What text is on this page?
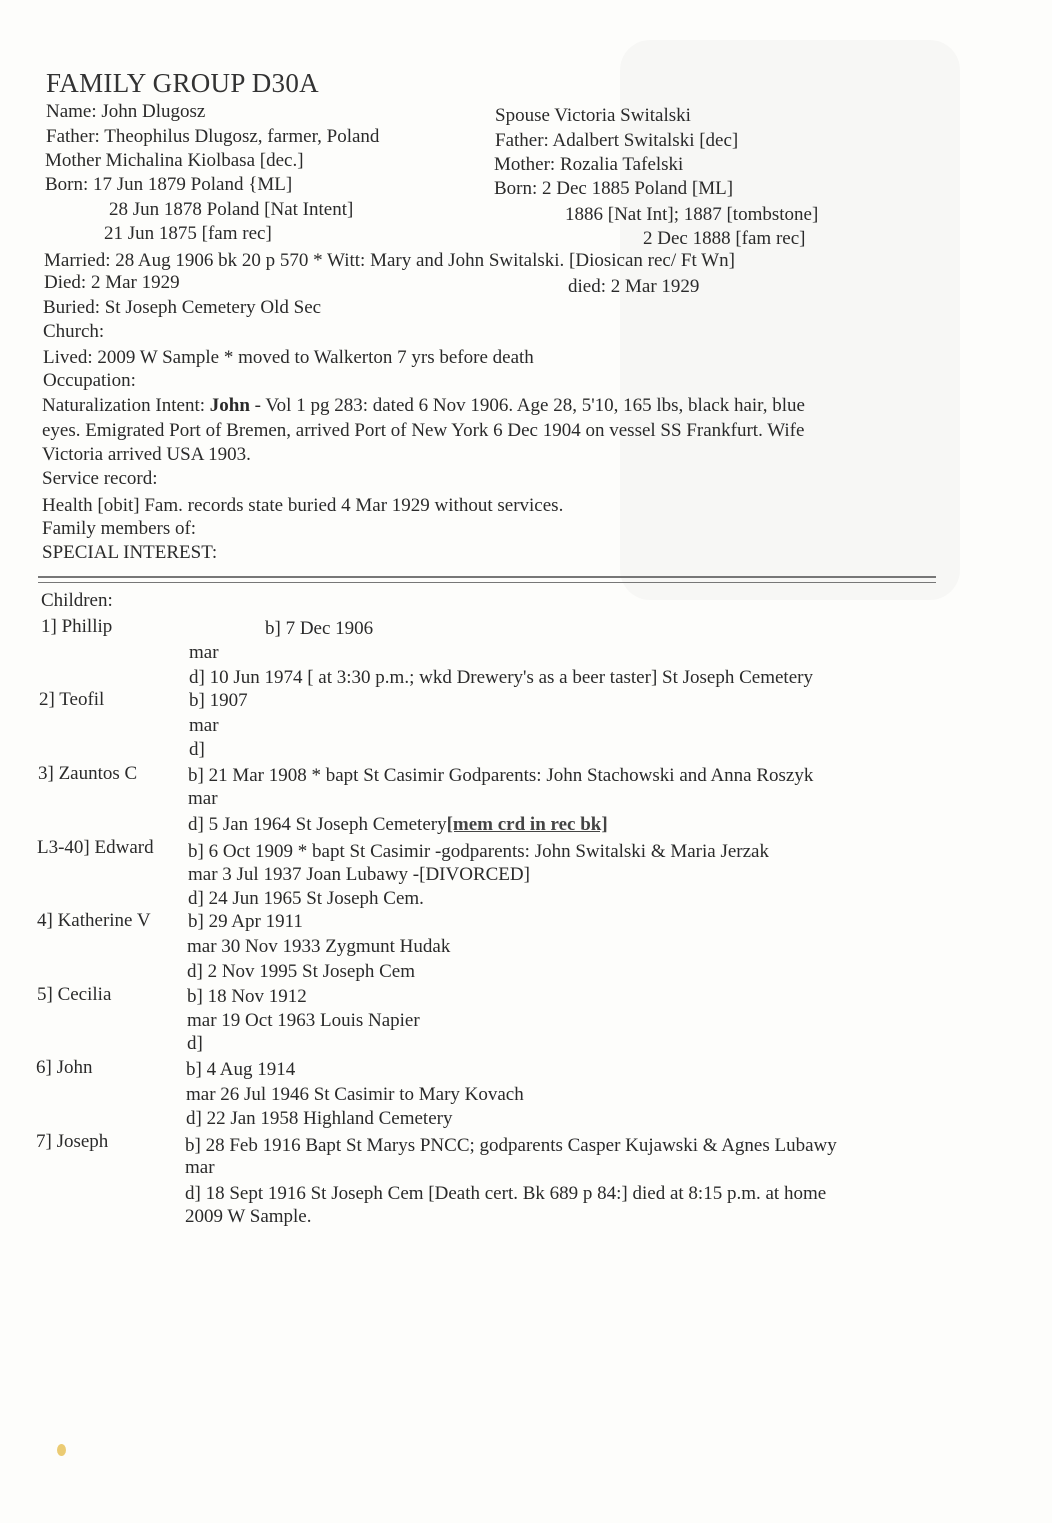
FAMILY GROUP D30A
Name: John Dlugosz
Father: Theophilus Dlugosz, farmer, Poland
Mother Michalina Kiolbasa [dec.]
Born: 17 Jun 1879 Poland {ML]
28 Jun 1878 Poland [Nat Intent]
21 Jun 1875 [fam rec]
Spouse Victoria Switalski
Father: Adalbert Switalski [dec]
Mother: Rozalia Tafelski
Born: 2 Dec 1885 Poland [ML]
1886 [Nat Int]; 1887 [tombstone]
2 Dec 1888 [fam rec]
Married: 28 Aug 1906 bk 20 p 570 * Witt: Mary and John Switalski. [Diosican rec/ Ft Wn]
Died: 2 Mar 1929	died: 2 Mar 1929
Buried: St Joseph Cemetery Old Sec
Church:
Lived: 2009 W Sample * moved to Walkerton 7 yrs before death
Occupation:
Naturalization Intent: John - Vol 1 pg 283: dated 6 Nov 1906. Age 28, 5'10, 165 lbs, black hair, blue
eyes. Emigrated Port of Bremen, arrived Port of New York 6 Dec 1904 on vessel SS Frankfurt. Wife
Victoria arrived USA 1903.
Service record:
Health [obit] Fam. records state buried 4 Mar 1929 without services.
Family members of:
SPECIAL INTEREST:
Children:
1] Phillip	b] 7 Dec 1906
mar
d] 10 Jun 1974 [ at 3:30 p.m.; wkd Drewery's as a beer taster] St Joseph Cemetery
2] Teofil	b] 1907
mar
d]
3] Zauntos C	b] 21 Mar 1908 * bapt St Casimir Godparents: John Stachowski and Anna Roszyk
mar
d] 5 Jan 1964 St Joseph Cemetery[mem crd in rec bk]
L3-40] Edward b] 6 Oct 1909 * bapt St Casimir -godparents: John Switalski & Maria Jerzak
mar 3 Jul 1937 Joan Lubawy -[DIVORCED]
d] 24 Jun 1965 St Joseph Cem.
4] Katherine V b] 29 Apr 1911
mar 30 Nov 1933 Zygmunt Hudak
d] 2 Nov 1995 St Joseph Cem
5] Cecilia	b] 18 Nov 1912
mar 19 Oct 1963 Louis Napier
d]
6] John	b] 4 Aug 1914
mar 26 Jul 1946 St Casimir to Mary Kovach
d] 22 Jan 1958 Highland Cemetery
7] Joseph	b] 28 Feb 1916 Bapt St Marys PNCC; godparents Casper Kujawski & Agnes Lubawy
mar
d] 18 Sept 1916 St Joseph Cem [Death cert. Bk 689 p 84:] died at 8:15 p.m. at home
2009 W Sample.
